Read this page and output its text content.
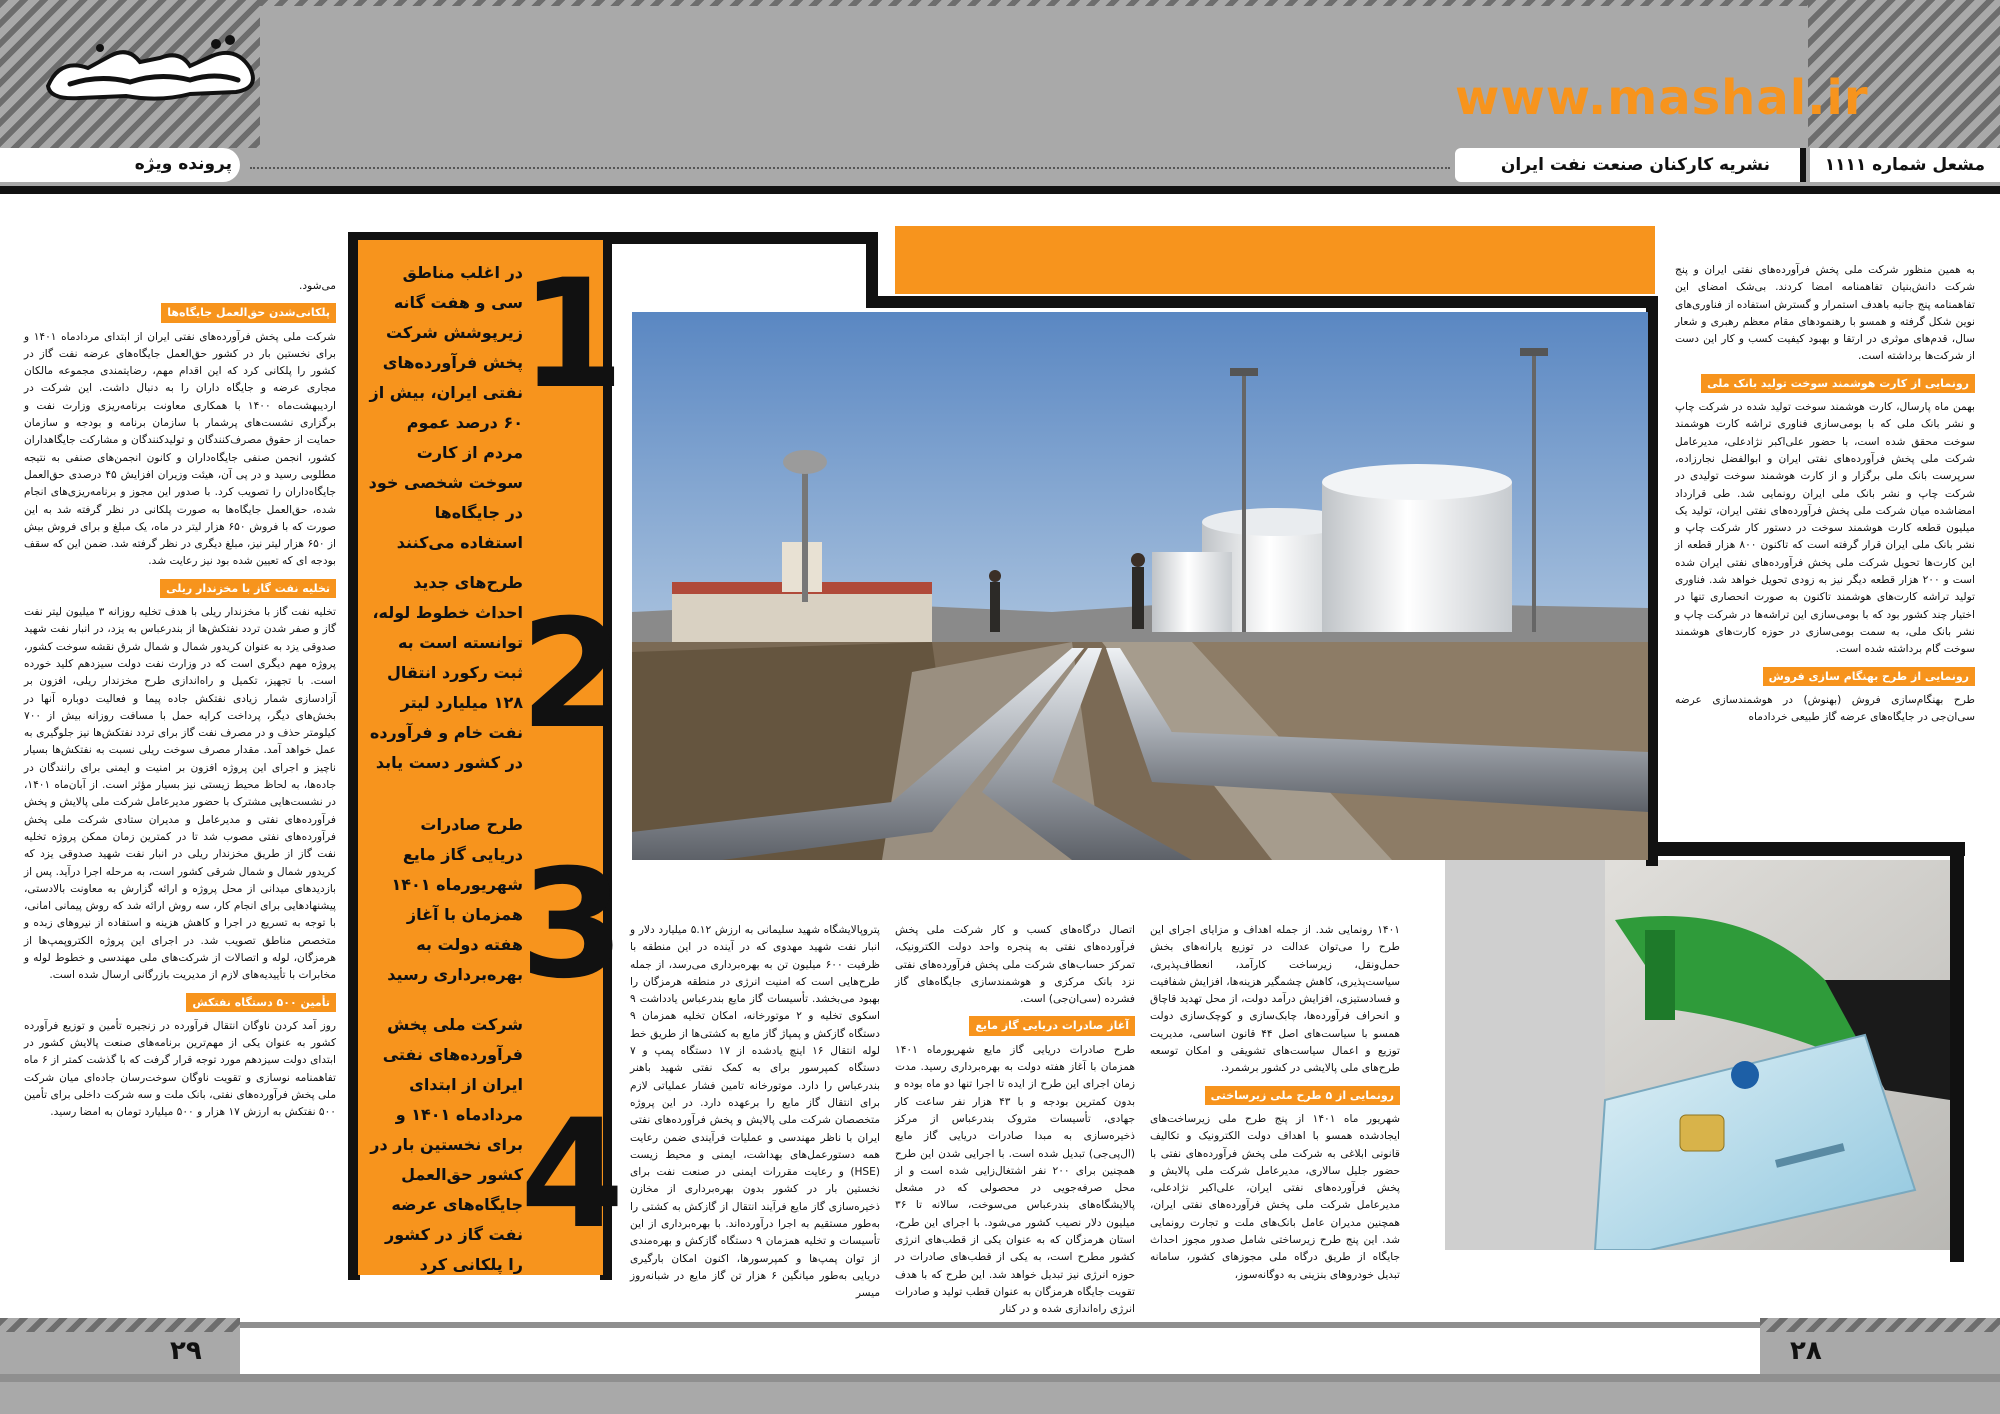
www.mashal.ir
پرونده ویژه	نشریه کارکنان صنعت نفت ایران	مشعل شماره ۱۱۱۱

به همین منظور شرکت ملی پخش فرآورده‌های نفتی ایران و پنج شرکت دانش‌بنیان تفاهمنامه امضا کردند. بی‌شک امضای این تفاهمنامه پنج جانبه باهدف استمرار و گسترش استفاده از فناوری‌های نوین شکل گرفته و همسو با رهنمودهای مقام معظم رهبری و شعار سال، قدم‌های موثری در ارتقا و بهبود کیفیت کسب و کار این دست از شرکت‌ها برداشته است.

رونمایی از کارت هوشمند سوخت تولید بانک ملی

بهمن ماه پارسال، کارت هوشمند سوخت تولید شده در شرکت چاپ و نشر بانک ملی که با بومی‌سازی فناوری تراشه کارت هوشمند سوخت محقق شده است، با حضور علی‌اکبر نژادعلی، مدیرعامل شرکت ملی پخش فرآورده‌های نفتی ایران و ابوالفضل نجارزاده، سرپرست بانک ملی برگزار و از کارت هوشمند سوخت تولیدی در شرکت چاپ و نشر بانک ملی ایران رونمایی شد. طی قرارداد امضاشده میان شرکت ملی پخش فرآورده‌های نفتی ایران، تولید یک میلیون قطعه کارت هوشمند سوخت در دستور کار شرکت چاپ و نشر بانک ملی ایران قرار گرفته است که تاکنون ۸۰۰ هزار قطعه از این کارت‌ها تحویل شرکت ملی پخش فرآورده‌های نفتی ایران شده است و ۲۰۰ هزار قطعه دیگر نیز به زودی تحویل خواهد شد. فناوری تولید تراشه کارت‌های هوشمند تاکنون به صورت انحصاری تنها در اختیار چند کشور بود که با بومی‌سازی این تراشه‌ها در شرکت چاپ و نشر بانک ملی، به سمت بومی‌سازی در حوزه کارت‌های هوشمند سوخت گام برداشته شده است.

رونمایی از طرح بهنگام سازی فروش

طرح بهنگام‌سازی فروش (بهنوش) در هوشمندسازی عرضه سی‌ان‌جی در جایگاه‌های عرضه گاز طبیعی خردادماه

۱۴۰۱ رونمایی شد. از جمله اهداف و مزایای اجرای این طرح را می‌توان عدالت در توزیع یارانه‌های بخش حمل‌ونقل، زیرساخت کارآمد، انعطاف‌پذیری، سیاست‌پذیری، کاهش چشمگیر هزینه‌ها، افزایش شفافیت و فسادستیزی، افزایش درآمد دولت، از محل تهدید قاچاق و انحراف فرآورده‌ها، چابک‌سازی و کوچک‌سازی دولت همسو با سیاست‌های اصل ۴۴ قانون اساسی، مدیریت توزیع و اعمال سیاست‌های تشویقی و امکان توسعه طرح‌های ملی پالایشی در کشور برشمرد.

رونمایی از ۵ طرح ملی زیرساختی

شهریور ماه ۱۴۰۱ از پنج طرح ملی زیرساخت‌های ایجادشده همسو با اهداف دولت الکترونیک و تکالیف قانونی ابلاغی به شرکت ملی پخش فرآورده‌های نفتی با حضور جلیل سالاری، مدیرعامل شرکت ملی پالایش و پخش فرآورده‌های نفتی ایران، علی‌اکبر نژادعلی، مدیرعامل شرکت ملی پخش فرآورده‌های نفتی ایران، همچنین مدیران عامل بانک‌های ملت و تجارت رونمایی شد. این پنج طرح زیرساختی شامل صدور مجوز احداث جایگاه از طریق درگاه ملی مجوزهای کشور، سامانه تبدیل خودروهای بنزینی به دوگانه‌سوز،

اتصال درگاه‌های کسب و کار شرکت ملی پخش فرآورده‌های نفتی به پنجره واحد دولت الکترونیک، تمرکز حساب‌های شرکت ملی پخش فرآورده‌های نفتی نزد بانک مرکزی و هوشمندسازی جایگاه‌های گاز فشرده (سی‌ان‌جی) است.

آغاز صادرات دریایی گاز مایع

طرح صادرات دریایی گاز مایع شهریورماه ۱۴۰۱ همزمان با آغاز هفته دولت به بهره‌برداری رسید. مدت زمان اجرای این طرح از ایده تا اجرا تنها دو ماه بوده و بدون کمترین بودجه و با ۴۳ هزار نفر ساعت کار جهادی، تأسیسات متروک بندرعباس از مرکز ذخیره‌سازی به مبدا صادرات دریایی گاز مایع (ال‌پی‌جی) تبدیل شده است. با اجرایی شدن این طرح همچنین برای ۲۰۰ نفر اشتغال‌زایی شده است و از محل صرفه‌جویی در محصولی که در مشعل پالایشگاه‌های بندرعباس می‌سوخت، سالانه تا ۳۶ میلیون دلار نصیب کشور می‌شود. با اجرای این طرح، استان هرمزگان که به عنوان یکی از قطب‌های انرژی کشور مطرح است، به یکی از قطب‌های صادرات در حوزه انرژی نیز تبدیل خواهد شد. این طرح که با هدف تقویت جایگاه هرمزگان به عنوان قطب تولید و صادرات انرژی راه‌اندازی شده و در کنار

پتروپالایشگاه شهید سلیمانی به ارزش ۵.۱۲ میلیارد دلار و انبار نفت شهید مهدوی که در آینده در این منطقه با ظرفیت ۶۰۰ میلیون تن به بهره‌برداری می‌رسد، از جمله طرح‌هایی است که امنیت انرژی در منطقه هرمزگان را بهبود می‌بخشد. تأسیسات گاز مایع بندرعباس یادداشت ۹ اسکوی تخلیه و ۲ موتورخانه، امکان تخلیه همزمان ۹ دستگاه گازکش و پمپاژ گاز مایع به کشتی‌ها از طریق خط لوله انتقال ۱۶ اینچ یادشده از ۱۷ دستگاه پمپ و ۷ دستگاه کمپرسور برای به کمک نفتی شهید باهنر بندرعباس را دارد. موتورخانه تامین فشار عملیاتی لازم برای انتقال گاز مایع را برعهده دارد. در این پروژه متخصصان شرکت ملی پالایش و پخش فرآورده‌های نفتی ایران با ناظر مهندسی و عملیات فرآیندی ضمن رعایت همه دستورعمل‌های بهداشت، ایمنی و محیط زیست (HSE) و رعایت مقررات ایمنی در صنعت نفت برای نخستین بار در کشور بدون بهره‌برداری از مخازن ذخیره‌سازی گاز مایع فرآیند انتقال از گازکش به کشتی را به‌طور مستقیم به اجرا درآورده‌اند. با بهره‌برداری از این تأسیسات و تخلیه همزمان ۹ دستگاه گازکش و بهره‌مندی از توان پمپ‌ها و کمپرسورها، اکنون امکان بارگیری دریایی به‌طور میانگین ۶ هزار تن گاز مایع در شبانه‌روز میسر

1
در اغلب مناطق سی و هفت گانه زیرپوشش شرکت پخش فرآورده‌های نفتی ایران، بیش از ۶۰ درصد عموم مردم از کارت سوخت شخصی خود در جایگاه‌ها استفاده می‌کنند
2
طرح‌های جدید احداث خطوط لوله، توانسته است به ثبت رکورد انتقال ۱۲۸ میلیارد لیتر نفت خام و فرآورده در کشور دست یابد
3
طرح صادرات دریایی گاز مایع شهریورماه ۱۴۰۱ همزمان با آغاز هفته دولت به بهره‌برداری رسید
4
شرکت ملی پخش فرآورده‌های نفتی ایران از ابتدای مردادماه ۱۴۰۱ و برای نخستین بار در کشور حق‌العمل جایگاه‌های عرضه نفت گاز در کشور را پلکانی کرد

می‌شود.

پلکانی‌شدن حق‌العمل جایگاه‌ها

شرکت ملی پخش فرآورده‌های نفتی ایران از ابتدای مردادماه ۱۴۰۱ و برای نخستین بار در کشور حق‌العمل جایگاه‌های عرضه نفت گاز در کشور را پلکانی کرد که این اقدام مهم، رضایتمندی مجموعه مالکان مجاری عرضه و جایگاه داران را به دنبال داشت. این شرکت در اردیبهشت‌ماه ۱۴۰۰ با همکاری معاونت برنامه‌ریزی وزارت نفت و برگزاری نشست‌های پرشمار با سازمان برنامه و بودجه و سازمان حمایت از حقوق مصرف‌کنندگان و تولیدکنندگان و مشارکت جایگاهداران کشور، انجمن صنفی جایگاه‌داران و کانون انجمن‌های صنفی به نتیجه مطلوبی رسید و در پی آن، هیئت وزیران افزایش ۴۵ درصدی حق‌العمل جایگاه‌داران را تصویب کرد. با صدور این مجوز و برنامه‌ریزی‌های انجام شده، حق‌العمل جایگاه‌ها به صورت پلکانی در نظر گرفته شد به این صورت که با فروش ۶۵۰ هزار لیتر در ماه، یک مبلغ و برای فروش بیش از ۶۵۰ هزار لیتر نیز، مبلغ دیگری در نظر گرفته شد. ضمن این که سقف بودجه ای که تعیین شده بود نیز رعایت شد.

تخلیه نفت گاز با مخزندار ریلی

تخلیه نفت گاز با مخزندار ریلی با هدف تخلیه روزانه ۳ میلیون لیتر نفت گاز و صفر شدن تردد نفتکش‌ها از بندرعباس به یزد، در انبار نفت شهید صدوقی یزد به عنوان کریدور شمال و شمال شرق نقشه سوخت کشور، پروژه مهم دیگری است که در وزارت نفت دولت سیزدهم کلید خورده است. با تجهیز، تکمیل و راه‌اندازی طرح مخزندار ریلی، افزون بر آزادسازی شمار زیادی نفتکش جاده پیما و فعالیت دوباره آنها در بخش‌های دیگر، پرداخت کرایه حمل با مسافت روزانه بیش از ۷۰۰ کیلومتر حذف و در مصرف نفت گاز برای تردد نفتکش‌ها نیز جلوگیری به عمل خواهد آمد. مقدار مصرف سوخت ریلی نسبت به نفتکش‌ها بسیار ناچیز و اجرای این پروژه افزون بر امنیت و ایمنی برای رانندگان در جاده‌ها، به لحاظ محیط زیستی نیز بسیار مؤثر است. از آبان‌ماه ۱۴۰۱، در نشست‌هایی مشترک با حضور مدیرعامل شرکت ملی پالایش و پخش فرآورده‌های نفتی و مدیرعامل و مدیران ستادی شرکت ملی پخش فرآورده‌های نفتی مصوب شد تا در کمترین زمان ممکن پروژه تخلیه نفت گاز از طریق مخزندار ریلی در انبار نفت شهید صدوقی یزد که کریدور شمال و شمال شرقی کشور است، به مرحله اجرا درآید. پس از بازدیدهای میدانی از محل پروژه و ارائه گزارش به معاونت بالادستی، پیشنهادهایی برای انجام کار، سه روش ارائه شد که روش پیمانی امانی، با توجه به تسریع در اجرا و کاهش هزینه و استفاده از نیروهای زبده و متخصص مناطق تصویب شد. در اجرای این پروژه الکتروپمپ‌ها از هرمزگان، لوله و اتصالات از شرکت‌های ملی مهندسی و خطوط لوله و مخابرات با تأییدیه‌های لازم از مدیریت بازرگانی ارسال شده است.

تأمین ۵۰۰ دستگاه نفتکش

روز آمد کردن ناوگان انتقال فرآورده در زنجیره تأمین و توزیع فرآورده کشور به عنوان یکی از مهم‌ترین برنامه‌های صنعت پالایش کشور در ابتدای دولت سیزدهم مورد توجه قرار گرفت که با گذشت کمتر از ۶ ماه تفاهمنامه نوسازی و تقویت ناوگان سوخت‌رسان جاده‌ای میان شرکت ملی پخش فرآورده‌های نفتی، بانک ملت و سه شرکت داخلی برای تأمین ۵۰۰ نفتکش به ارزش ۱۷ هزار و ۵۰۰ میلیارد تومان به امضا رسید.

۲۹	۲۸
